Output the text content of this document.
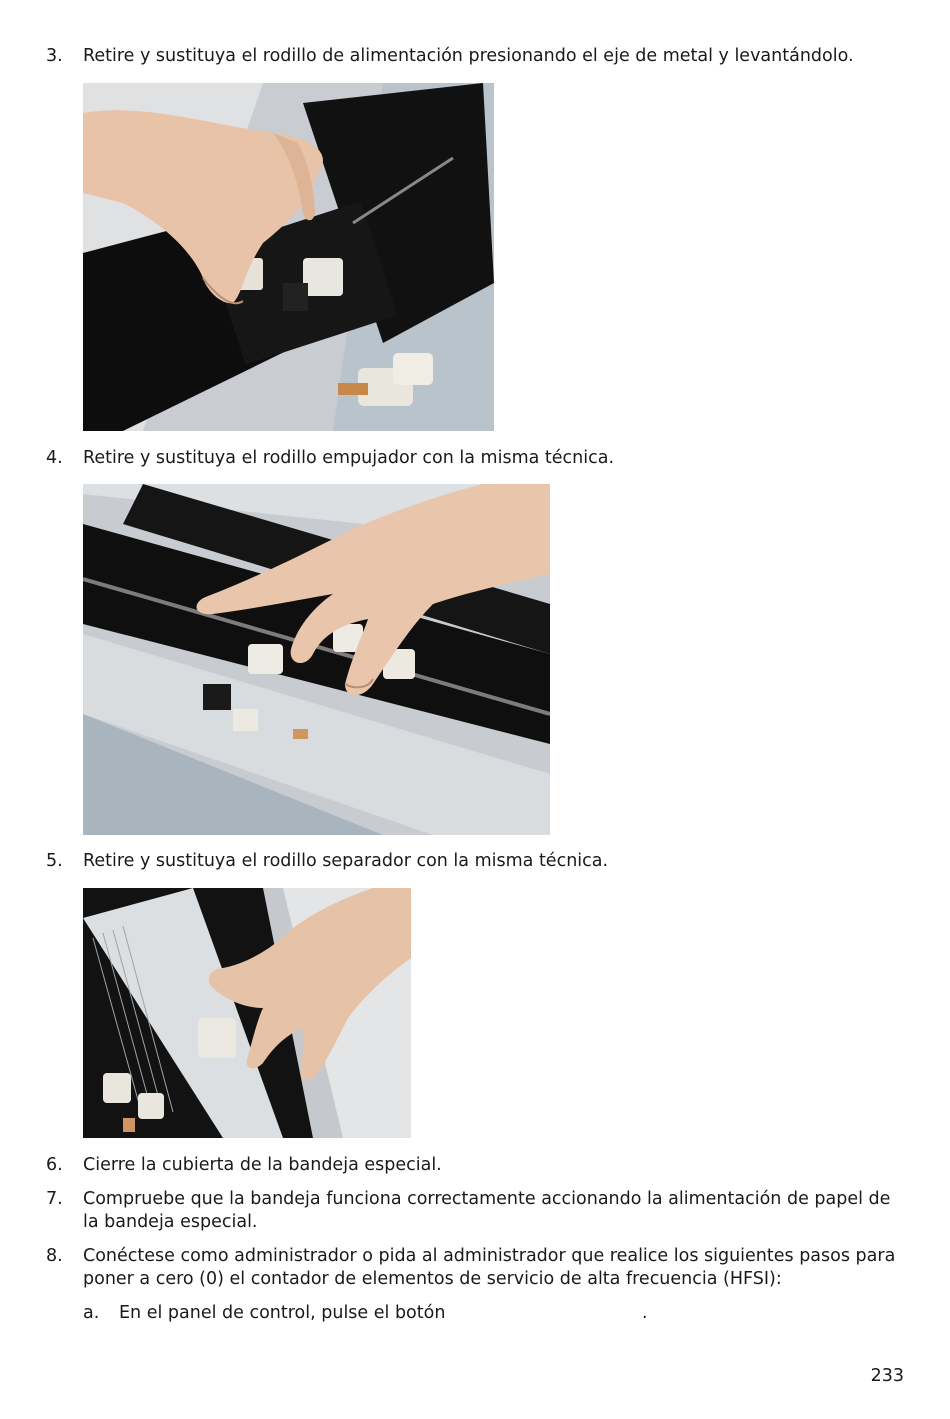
3. Retire y sustituya el rodillo de alimentación presionando el eje de metal y levantándolo.
4. Retire y sustituya el rodillo empujador con la misma técnica.
5. Retire y sustituya el rodillo separador con la misma técnica.
6. Cierre la cubierta de la bandeja especial.
7. Compruebe que la bandeja funciona correctamente accionando la alimentación de papel de la bandeja especial.
8. Conéctese como administrador o pida al administrador que realice los siguientes pasos para poner a cero (0) el contador de elementos de servicio de alta frecuencia (HFSI):
a. En el panel de control, pulse el botón	.
233
